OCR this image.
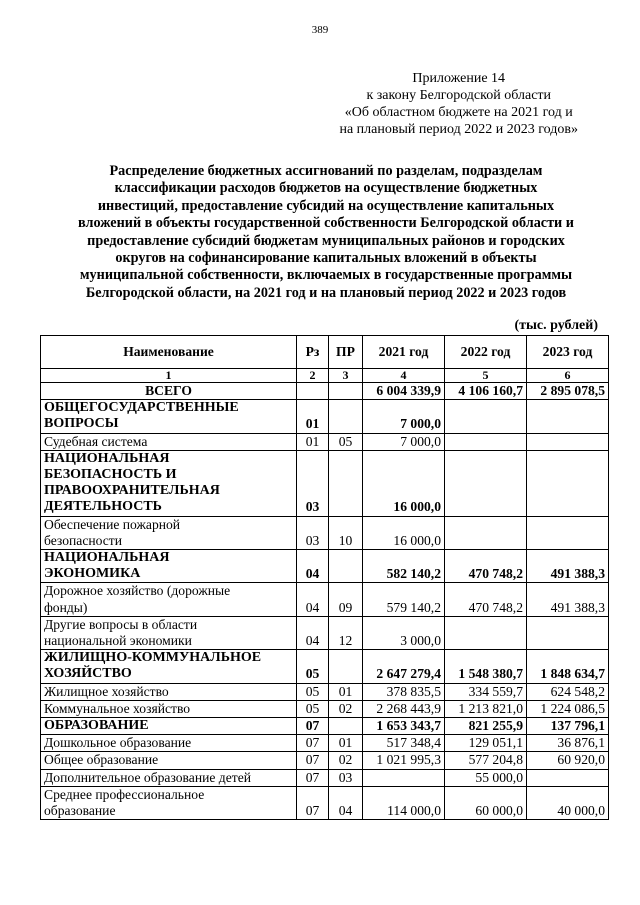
389
Приложение 14
к закону Белгородской области
«Об областном бюджете на 2021 год и
на плановый период 2022 и 2023 годов»
Распределение бюджетных ассигнований по разделам, подразделам
классификации расходов бюджетов на осуществление бюджетных
инвестиций, предоставление субсидий на осуществление капитальных
вложений в объекты государственной собственности Белгородской области и
предоставление субсидий бюджетам муниципальных районов и городских
округов на софинансирование капитальных вложений в объекты
муниципальной собственности, включаемых в государственные программы
Белгородской области, на 2021 год и на плановый период 2022 и 2023 годов
(тыс. рублей)
Наименование	Рз	ПР	2021 год	2022 год	2023 год
1	2	3	4	5	6

ВСЕГО			6 004 339,9	4 106 160,7	2 895 078,5

ОБЩЕГОСУДАРСТВЕННЫЕ
ВОПРОСЫ	01		7 000,0		

Судебная система	01	05	7 000,0		

НАЦИОНАЛЬНАЯ
БЕЗОПАСНОСТЬ И
ПРАВООХРАНИТЕЛЬНАЯ
ДЕЯТЕЛЬНОСТЬ	03		16 000,0		

Обеспечение пожарной
безопасности	03	10	16 000,0		

НАЦИОНАЛЬНАЯ
ЭКОНОМИКА	04		582 140,2	470 748,2	491 388,3

Дорожное хозяйство (дорожные
фонды)	04	09	579 140,2	470 748,2	491 388,3

Другие вопросы в области
национальной экономики	04	12	3 000,0		

ЖИЛИЩНО-КОММУНАЛЬНОЕ
ХОЗЯЙСТВО	05		2 647 279,4	1 548 380,7	1 848 634,7

Жилищное хозяйство	05	01	378 835,5	334 559,7	624 548,2

Коммунальное хозяйство	05	02	2 268 443,9	1 213 821,0	1 224 086,5

ОБРАЗОВАНИЕ	07		1 653 343,7	821 255,9	137 796,1

Дошкольное образование	07	01	517 348,4	129 051,1	36 876,1

Общее образование	07	02	1 021 995,3	577 204,8	60 920,0

Дополнительное образование детей	07	03		55 000,0	

Среднее профессиональное
образование	07	04	114 000,0	60 000,0	40 000,0
